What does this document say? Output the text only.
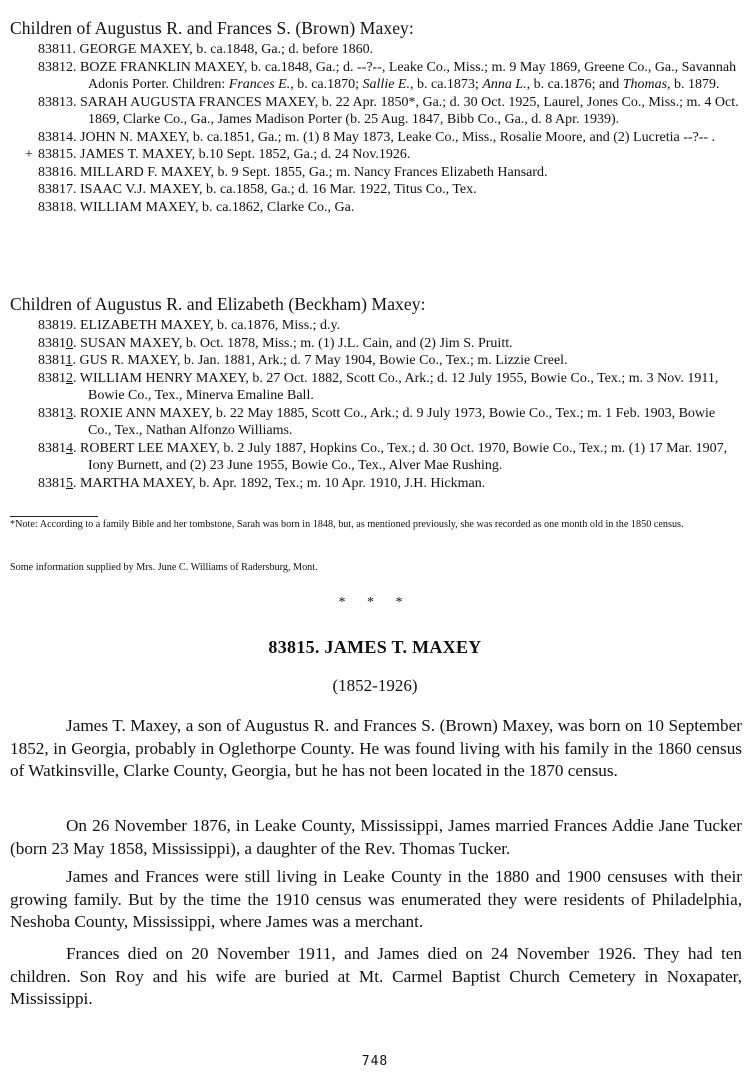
Children of Augustus R. and Frances S. (Brown) Maxey:
83811. GEORGE MAXEY, b. ca.1848, Ga.; d. before 1860.
83812. BOZE FRANKLIN MAXEY, b. ca.1848, Ga.; d. --?--, Leake Co., Miss.; m. 9 May 1869, Greene Co., Ga., Savannah Adonis Porter. Children: Frances E., b. ca.1870; Sallie E., b. ca.1873; Anna L., b. ca.1876; and Thomas, b. 1879.
83813. SARAH AUGUSTA FRANCES MAXEY, b. 22 Apr. 1850*, Ga.; d. 30 Oct. 1925, Laurel, Jones Co., Miss.; m. 4 Oct. 1869, Clarke Co., Ga., James Madison Porter (b. 25 Aug. 1847, Bibb Co., Ga., d. 8 Apr. 1939).
83814. JOHN N. MAXEY, b. ca.1851, Ga.; m. (1) 8 May 1873, Leake Co., Miss., Rosalie Moore, and (2) Lucretia --?-- .
+ 83815. JAMES T. MAXEY, b.10 Sept. 1852, Ga.; d. 24 Nov.1926.
83816. MILLARD F. MAXEY, b. 9 Sept. 1855, Ga.; m. Nancy Frances Elizabeth Hansard.
83817. ISAAC V.J. MAXEY, b. ca.1858, Ga.; d. 16 Mar. 1922, Titus Co., Tex.
83818. WILLIAM MAXEY, b. ca.1862, Clarke Co., Ga.
Children of Augustus R. and Elizabeth (Beckham) Maxey:
83819. ELIZABETH MAXEY, b. ca.1876, Miss.; d.y.
83810. SUSAN MAXEY, b. Oct. 1878, Miss.; m. (1) J.L. Cain, and (2) Jim S. Pruitt.
83811. GUS R. MAXEY, b. Jan. 1881, Ark.; d. 7 May 1904, Bowie Co., Tex.; m. Lizzie Creel.
83812. WILLIAM HENRY MAXEY, b. 27 Oct. 1882, Scott Co., Ark.; d. 12 July 1955, Bowie Co., Tex.; m. 3 Nov. 1911, Bowie Co., Tex., Minerva Emaline Ball.
83813. ROXIE ANN MAXEY, b. 22 May 1885, Scott Co., Ark.; d. 9 July 1973, Bowie Co., Tex.; m. 1 Feb. 1903, Bowie Co., Tex., Nathan Alfonzo Williams.
83814. ROBERT LEE MAXEY, b. 2 July 1887, Hopkins Co., Tex.; d. 30 Oct. 1970, Bowie Co., Tex.; m. (1) 17 Mar. 1907, Iony Burnett, and (2) 23 June 1955, Bowie Co., Tex., Alver Mae Rushing.
83815. MARTHA MAXEY, b. Apr. 1892, Tex.; m. 10 Apr. 1910, J.H. Hickman.
*Note: According to a family Bible and her tombstone, Sarah was born in 1848, but, as mentioned previously, she was recorded as one month old in the 1850 census.
Some information supplied by Mrs. June C. Williams of Radersburg, Mont.
* * *
83815. JAMES T. MAXEY
(1852-1926)
James T. Maxey, a son of Augustus R. and Frances S. (Brown) Maxey, was born on 10 September 1852, in Georgia, probably in Oglethorpe County. He was found living with his family in the 1860 census of Watkinsville, Clarke County, Georgia, but he has not been located in the 1870 census.
On 26 November 1876, in Leake County, Mississippi, James married Frances Addie Jane Tucker (born 23 May 1858, Mississippi), a daughter of the Rev. Thomas Tucker.
James and Frances were still living in Leake County in the 1880 and 1900 censuses with their growing family. But by the time the 1910 census was enumerated they were residents of Philadelphia, Neshoba County, Mississippi, where James was a merchant.
Frances died on 20 November 1911, and James died on 24 November 1926. They had ten children. Son Roy and his wife are buried at Mt. Carmel Baptist Church Cemetery in Noxapater, Mississippi.
748
